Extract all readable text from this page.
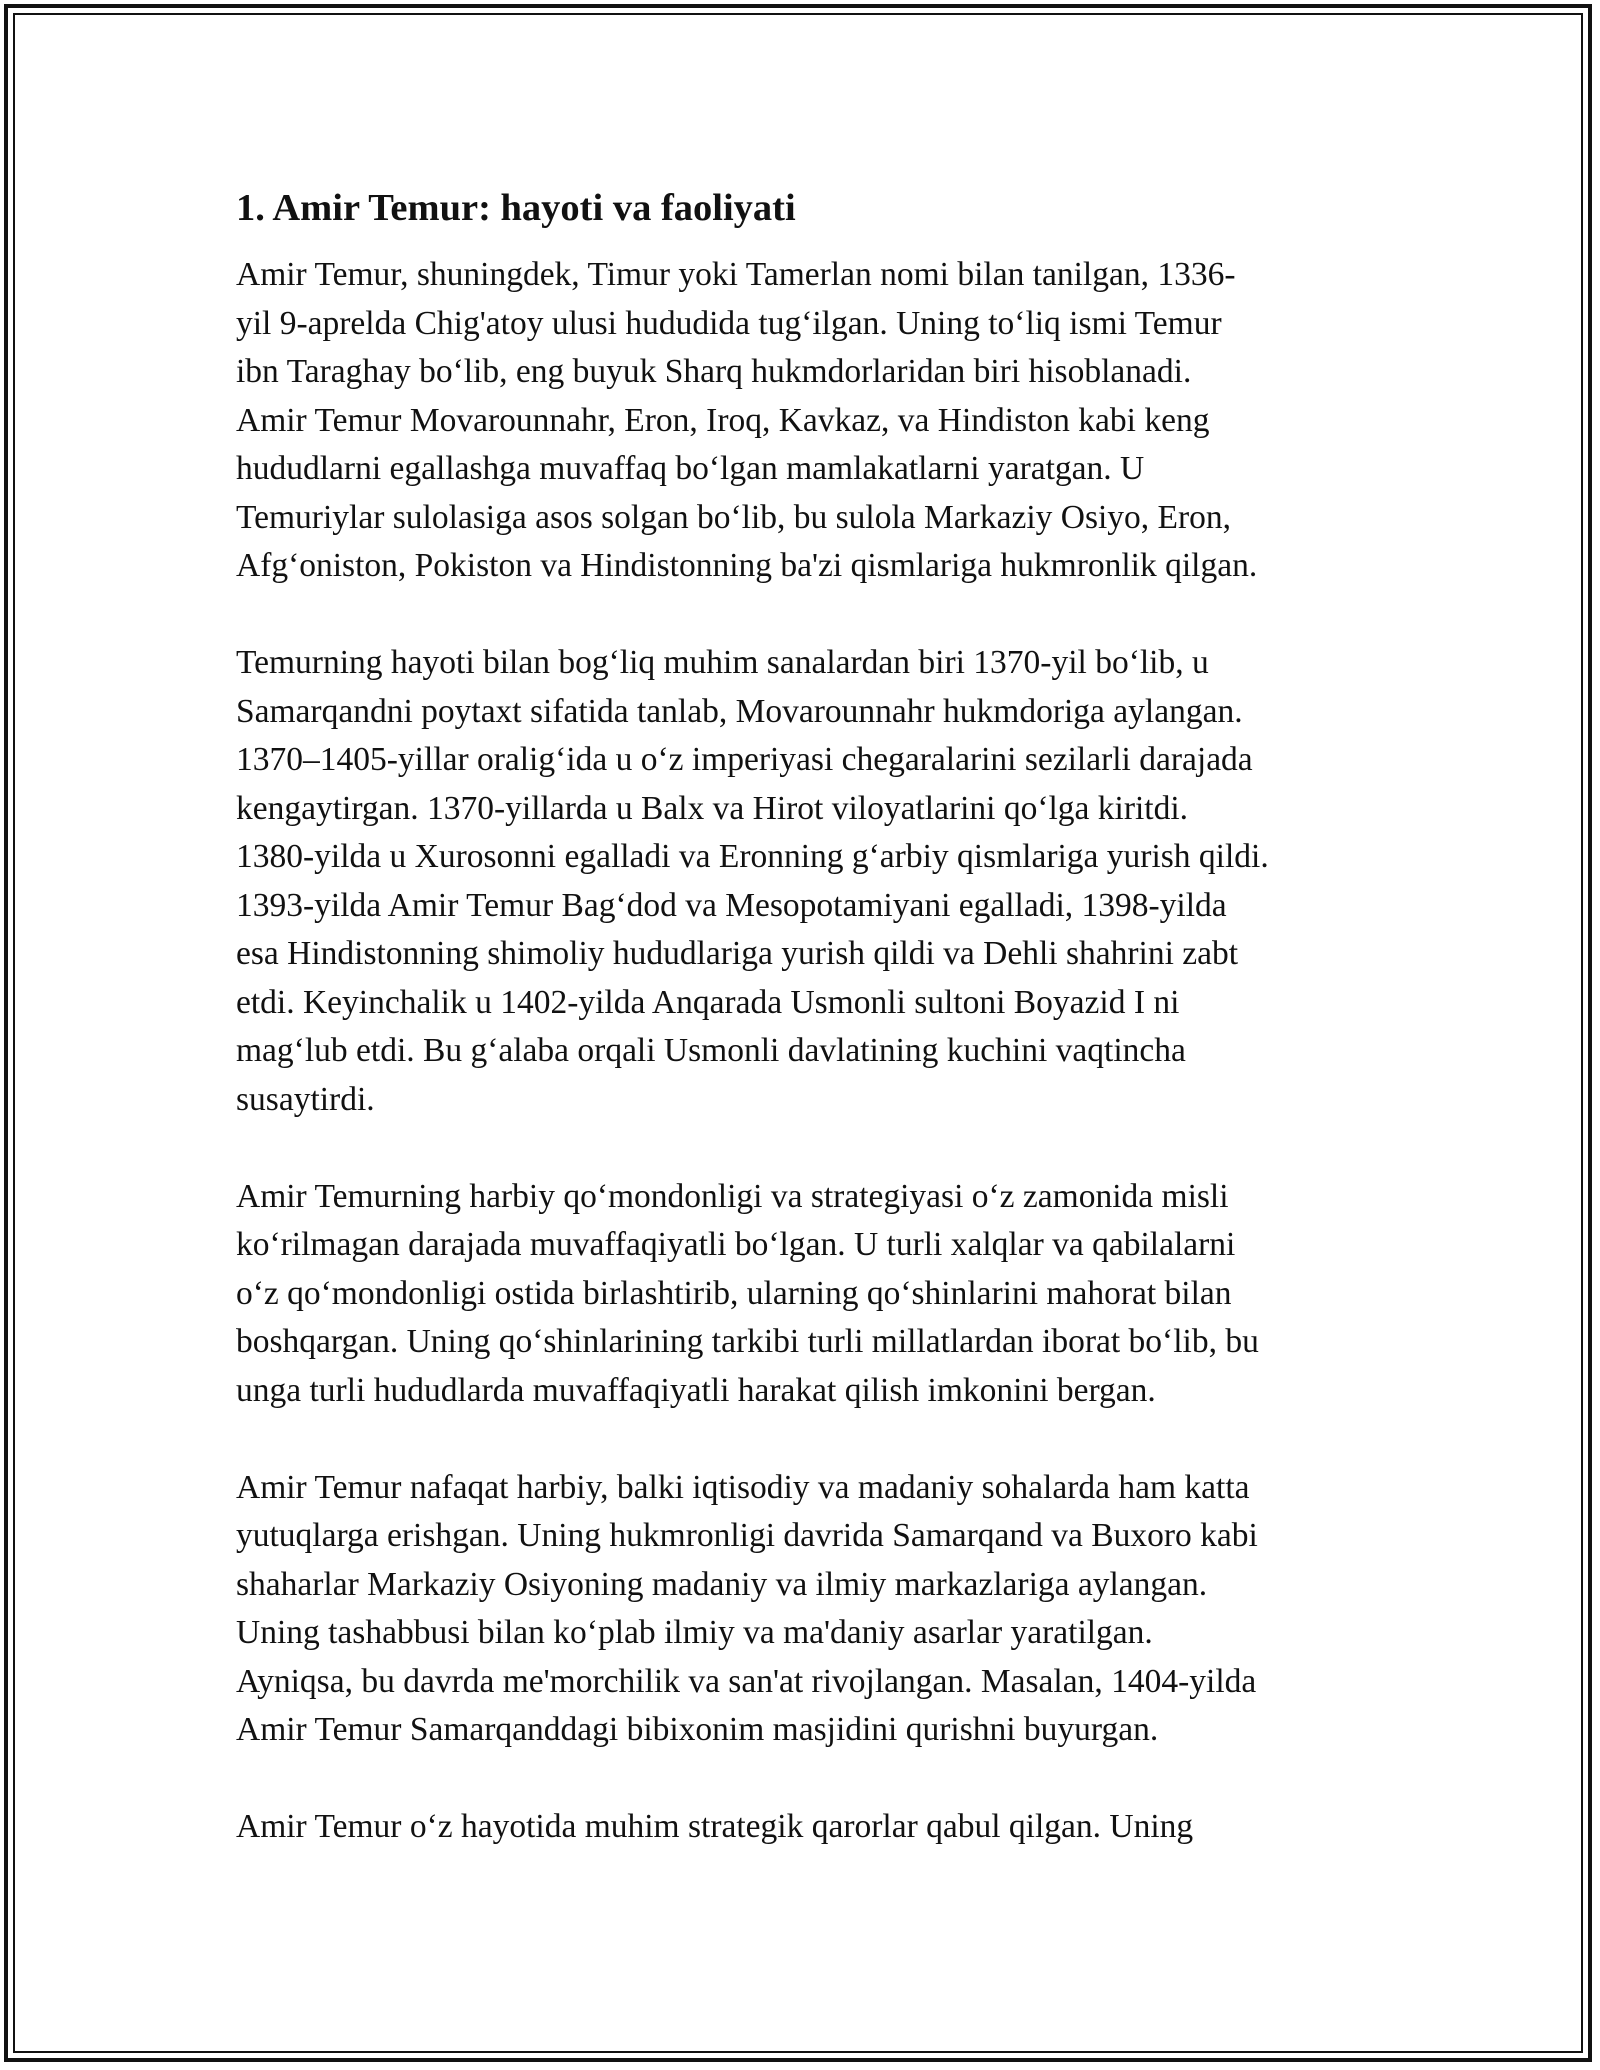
1. Amir Temur: hayoti va faoliyati

Amir Temur, shuningdek, Timur yoki Tamerlan nomi bilan tanilgan, 1336-
yil 9-aprelda Chig'atoy ulusi hududida tug‘ilgan. Uning to‘liq ismi Temur
ibn Taraghay bo‘lib, eng buyuk Sharq hukmdorlaridan biri hisoblanadi.
Amir Temur Movarounnahr, Eron, Iroq, Kavkaz, va Hindiston kabi keng
hududlarni egallashga muvaffaq bo‘lgan mamlakatlarni yaratgan. U
Temuriylar sulolasiga asos solgan bo‘lib, bu sulola Markaziy Osiyo, Eron,
Afg‘oniston, Pokiston va Hindistonning ba'zi qismlariga hukmronlik qilgan.

Temurning hayoti bilan bog‘liq muhim sanalardan biri 1370-yil bo‘lib, u
Samarqandni poytaxt sifatida tanlab, Movarounnahr hukmdoriga aylangan.
1370–1405-yillar oralig‘ida u o‘z imperiyasi chegaralarini sezilarli darajada
kengaytirgan. 1370-yillarda u Balx va Hirot viloyatlarini qo‘lga kiritdi.
1380-yilda u Xurosonni egalladi va Eronning g‘arbiy qismlariga yurish qildi.
1393-yilda Amir Temur Bag‘dod va Mesopotamiyani egalladi, 1398-yilda
esa Hindistonning shimoliy hududlariga yurish qildi va Dehli shahrini zabt
etdi. Keyinchalik u 1402-yilda Anqarada Usmonli sultoni Boyazid I ni
mag‘lub etdi. Bu g‘alaba orqali Usmonli davlatining kuchini vaqtincha
susaytirdi.

Amir Temurning harbiy qo‘mondonligi va strategiyasi o‘z zamonida misli
ko‘rilmagan darajada muvaffaqiyatli bo‘lgan. U turli xalqlar va qabilalarni
o‘z qo‘mondonligi ostida birlashtirib, ularning qo‘shinlarini mahorat bilan
boshqargan. Uning qo‘shinlarining tarkibi turli millatlardan iborat bo‘lib, bu
unga turli hududlarda muvaffaqiyatli harakat qilish imkonini bergan.

Amir Temur nafaqat harbiy, balki iqtisodiy va madaniy sohalarda ham katta
yutuqlarga erishgan. Uning hukmronligi davrida Samarqand va Buxoro kabi
shaharlar Markaziy Osiyoning madaniy va ilmiy markazlariga aylangan.
Uning tashabbusi bilan ko‘plab ilmiy va ma'daniy asarlar yaratilgan.
Ayniqsa, bu davrda me'morchilik va san'at rivojlangan. Masalan, 1404-yilda
Amir Temur Samarqanddagi bibixonim masjidini qurishni buyurgan.

Amir Temur o‘z hayotida muhim strategik qarorlar qabul qilgan. Uning
